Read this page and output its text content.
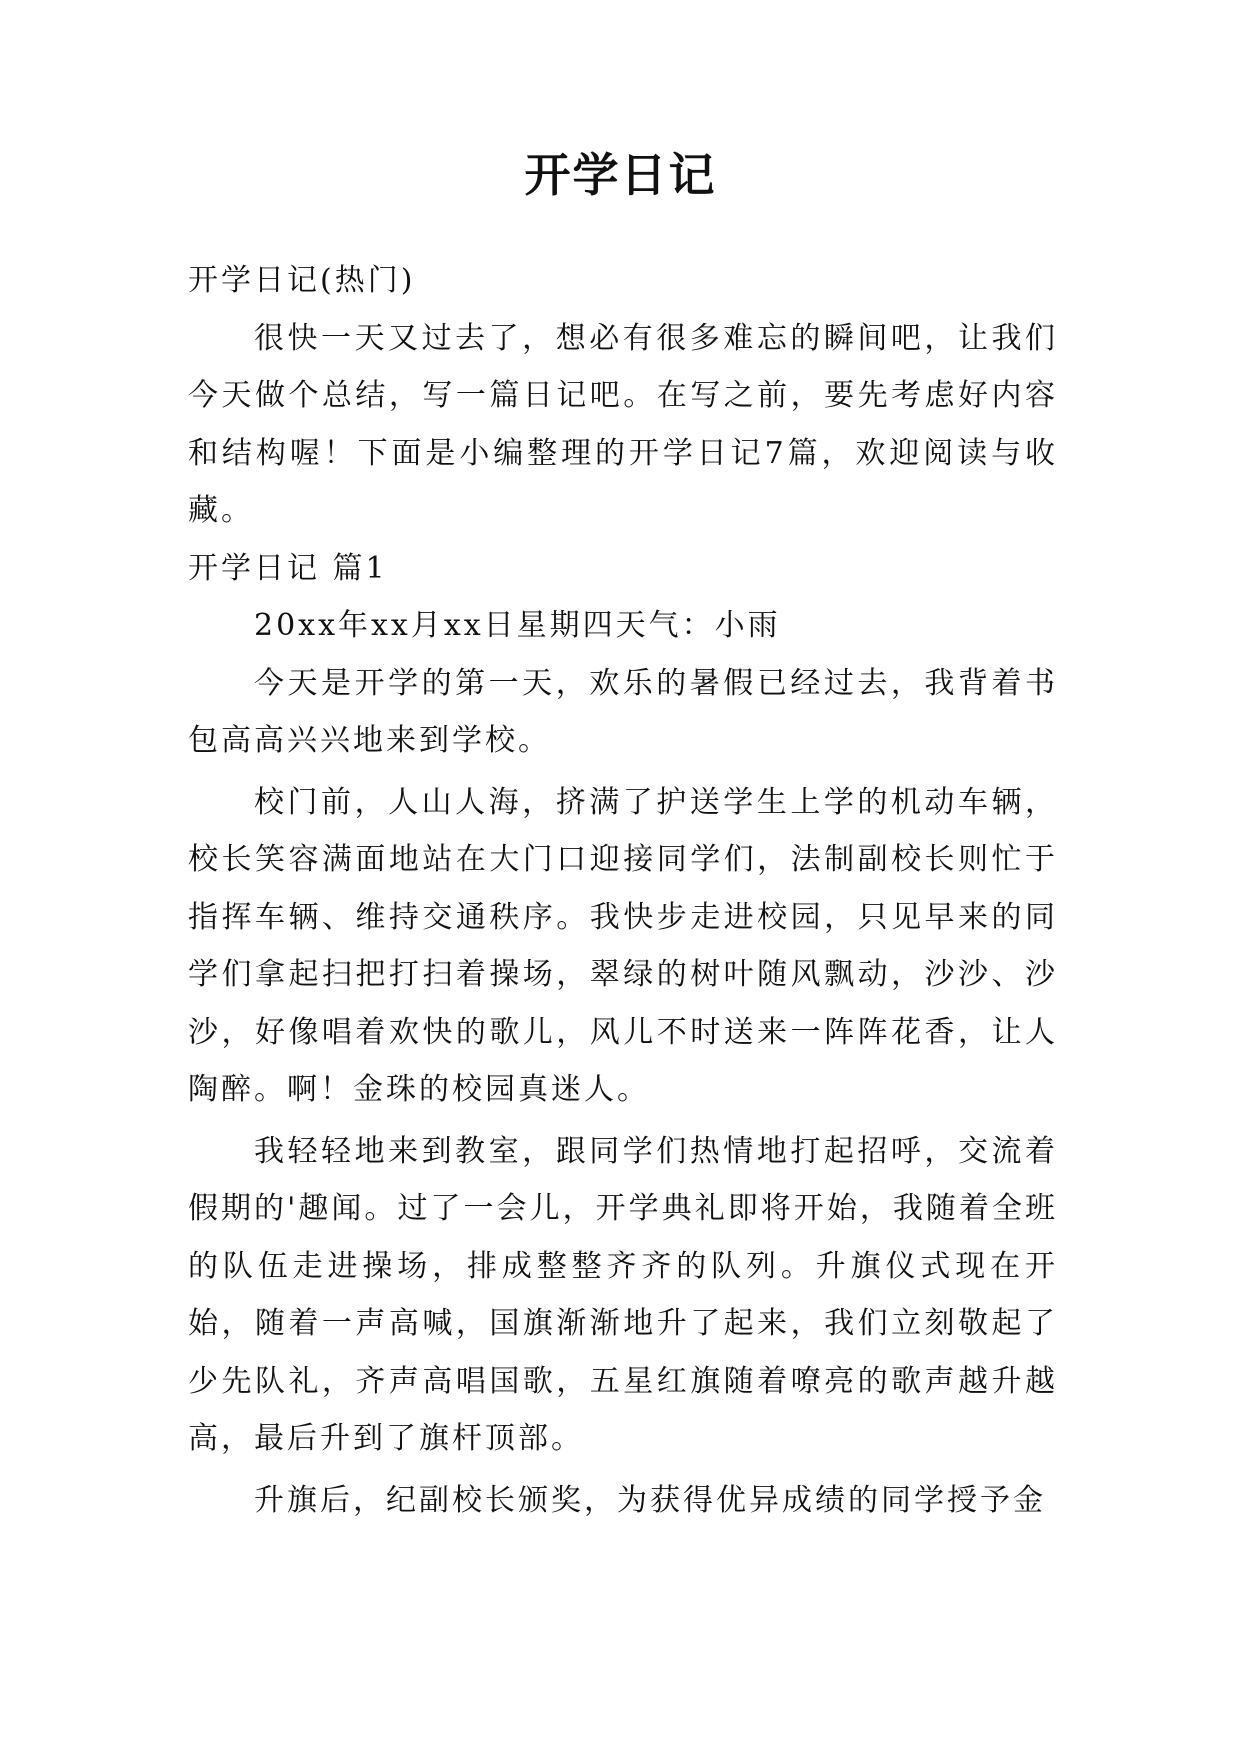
开学日记

开学日记(热门)

很快一天又过去了，想必有很多难忘的瞬间吧，让我们今天做个总结，写一篇日记吧。在写之前，要先考虑好内容和结构喔！下面是小编整理的开学日记7篇，欢迎阅读与收藏。

开学日记 篇1

20xx年xx月xx日星期四天气：小雨

今天是开学的第一天，欢乐的暑假已经过去，我背着书包高高兴兴地来到学校。

校门前，人山人海，挤满了护送学生上学的机动车辆，校长笑容满面地站在大门口迎接同学们，法制副校长则忙于指挥车辆、维持交通秩序。我快步走进校园，只见早来的同学们拿起扫把打扫着操场，翠绿的树叶随风飘动，沙沙、沙沙，好像唱着欢快的歌儿，风儿不时送来一阵阵花香，让人陶醉。啊！金珠的校园真迷人。

我轻轻地来到教室，跟同学们热情地打起招呼，交流着假期的'趣闻。过了一会儿，开学典礼即将开始，我随着全班的队伍走进操场，排成整整齐齐的队列。升旗仪式现在开始，随着一声高喊，国旗渐渐地升了起来，我们立刻敬起了少先队礼，齐声高唱国歌，五星红旗随着嘹亮的歌声越升越高，最后升到了旗杆顶部。

升旗后，纪副校长颁奖，为获得优异成绩的同学授予金
